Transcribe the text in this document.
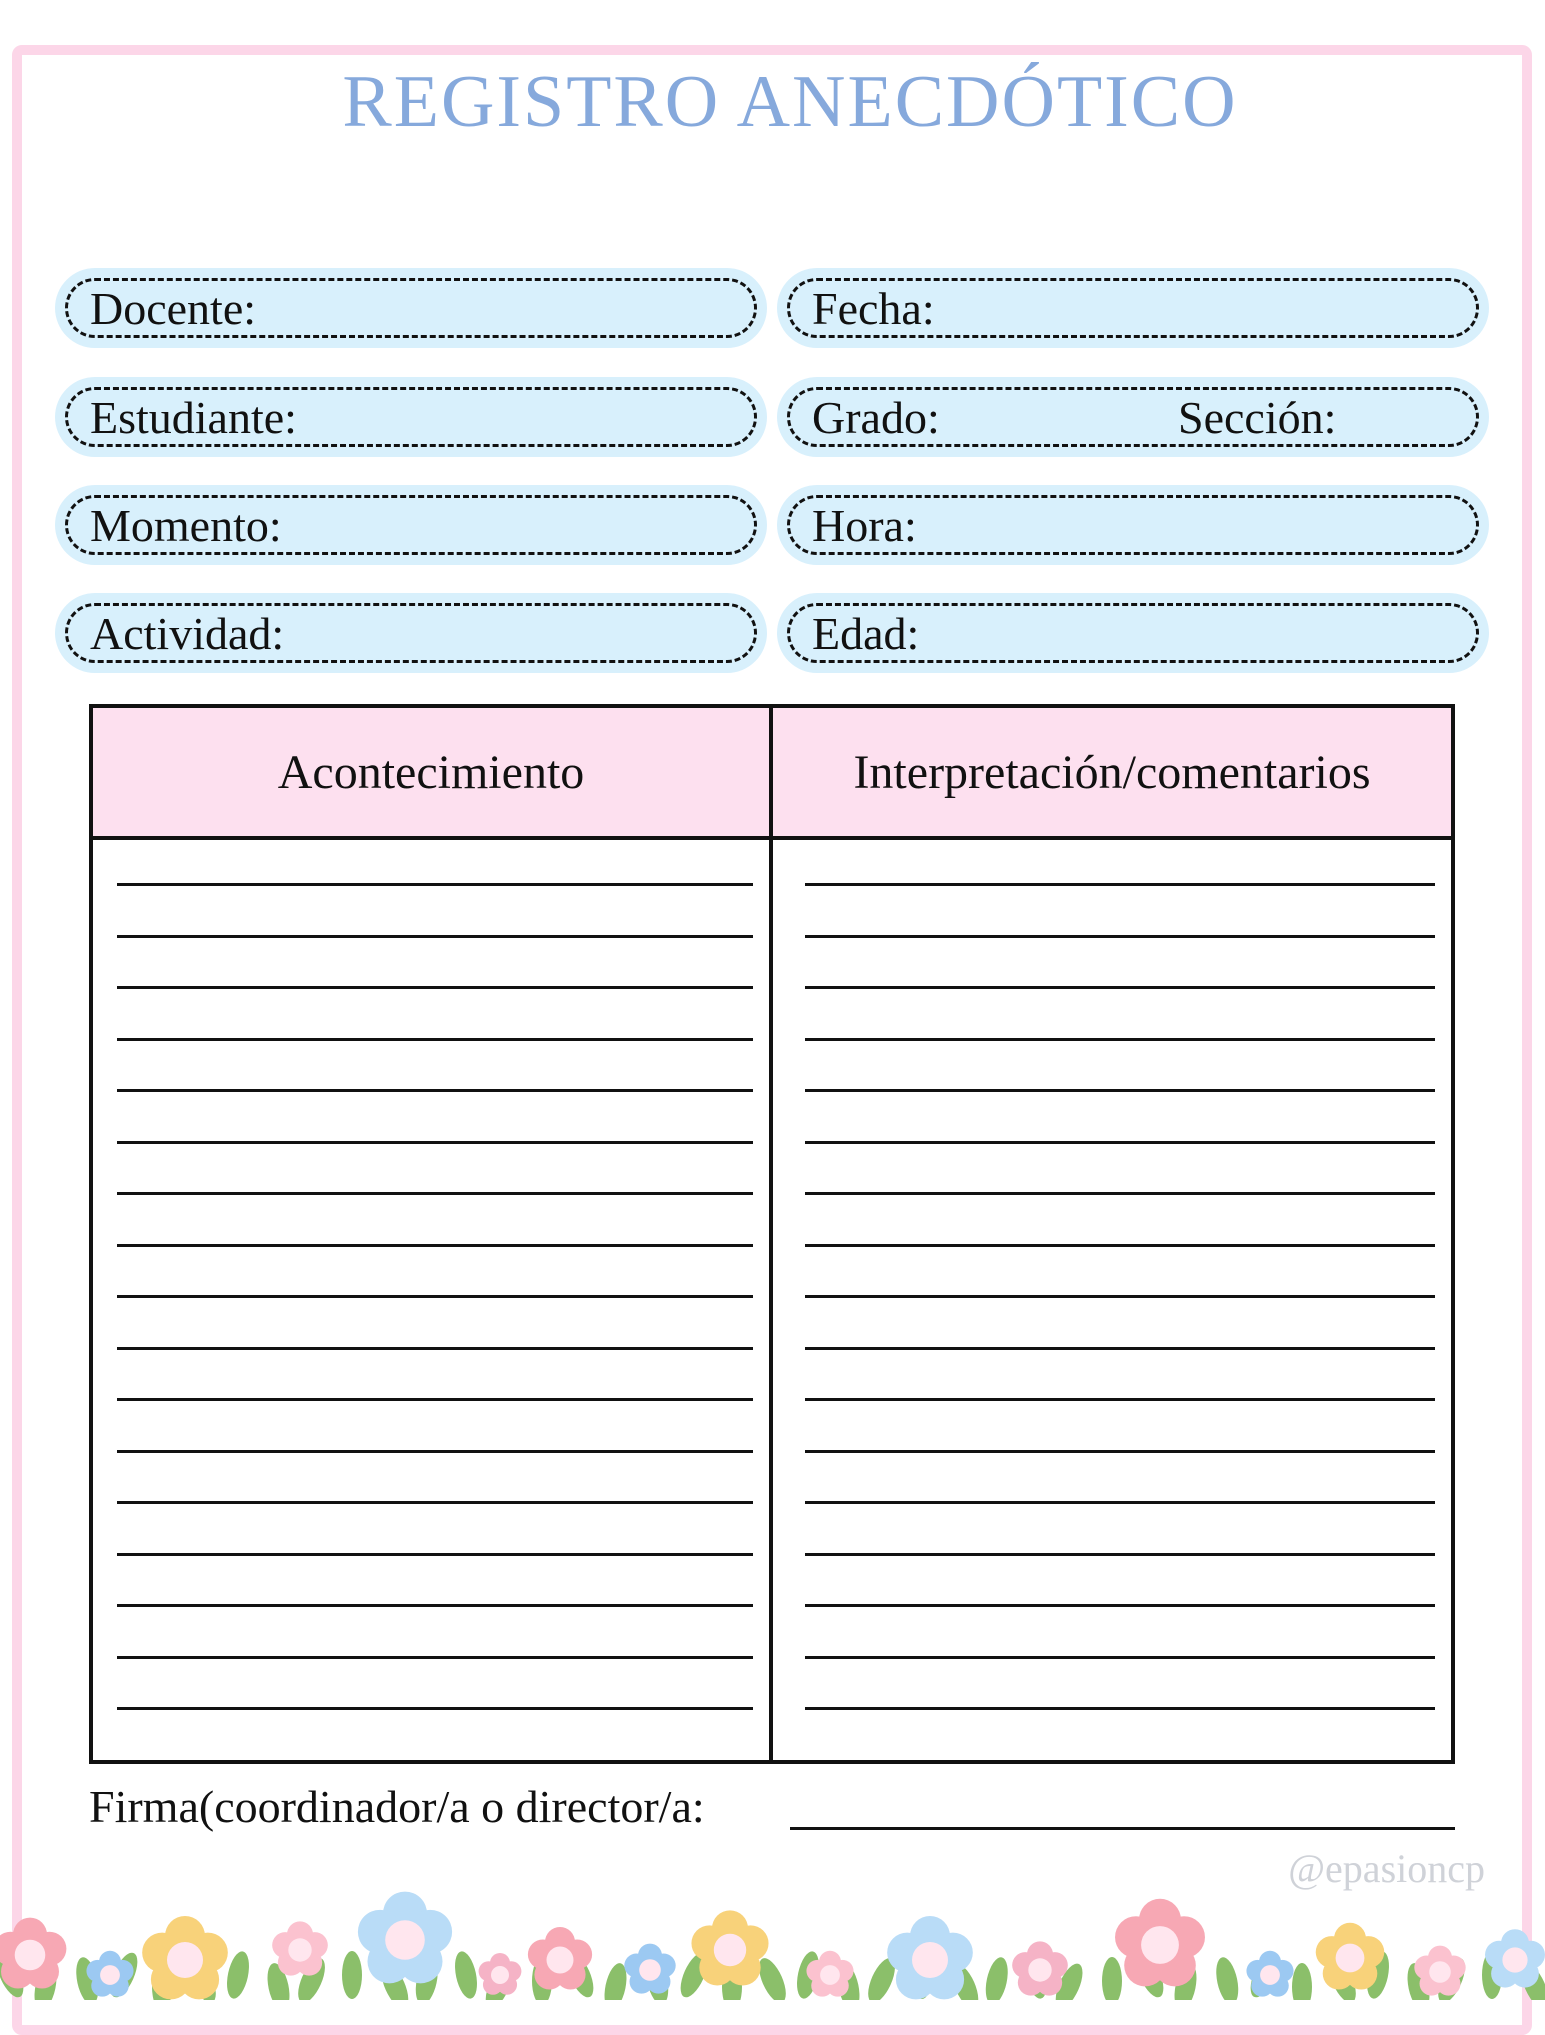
REGISTRO ANECDÓTICO
Docente:	Fecha:
Estudiante:	Grado:	Sección:
Momento:	Hora:
Actividad:	Edad:
Acontecimiento	Interpretación/comentarios
Firma(coordinador/a o director/a:
@epasioncp
